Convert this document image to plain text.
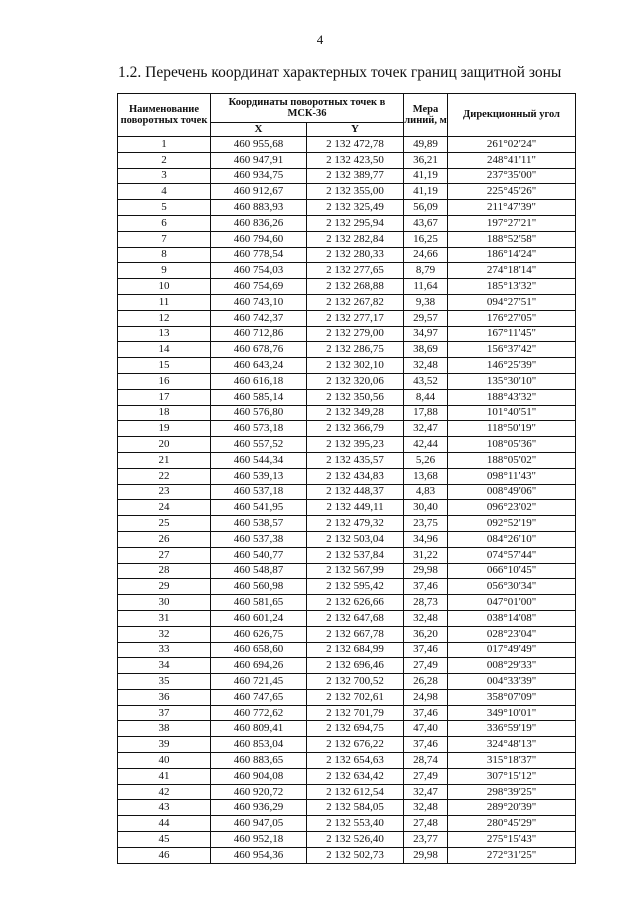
4
1.2. Перечень координат характерных точек границ защитной зоны
Наименование поворотных точек	Координаты поворотных точек в МСК-36		Мера линий, м	Дирекционный угол
	X	Y		
1	460 955,68	2 132 472,78	49,89	261°02'24"
2	460 947,91	2 132 423,50	36,21	248°41'11"
3	460 934,75	2 132 389,77	41,19	237°35'00"
4	460 912,67	2 132 355,00	41,19	225°45'26"
5	460 883,93	2 132 325,49	56,09	211°47'39"
6	460 836,26	2 132 295,94	43,67	197°27'21"
7	460 794,60	2 132 282,84	16,25	188°52'58"
8	460 778,54	2 132 280,33	24,66	186°14'24"
9	460 754,03	2 132 277,65	8,79	274°18'14"
10	460 754,69	2 132 268,88	11,64	185°13'32"
11	460 743,10	2 132 267,82	9,38	094°27'51"
12	460 742,37	2 132 277,17	29,57	176°27'05"
13	460 712,86	2 132 279,00	34,97	167°11'45"
14	460 678,76	2 132 286,75	38,69	156°37'42"
15	460 643,24	2 132 302,10	32,48	146°25'39"
16	460 616,18	2 132 320,06	43,52	135°30'10"
17	460 585,14	2 132 350,56	8,44	188°43'32"
18	460 576,80	2 132 349,28	17,88	101°40'51"
19	460 573,18	2 132 366,79	32,47	118°50'19"
20	460 557,52	2 132 395,23	42,44	108°05'36"
21	460 544,34	2 132 435,57	5,26	188°05'02"
22	460 539,13	2 132 434,83	13,68	098°11'43"
23	460 537,18	2 132 448,37	4,83	008°49'06"
24	460 541,95	2 132 449,11	30,40	096°23'02"
25	460 538,57	2 132 479,32	23,75	092°52'19"
26	460 537,38	2 132 503,04	34,96	084°26'10"
27	460 540,77	2 132 537,84	31,22	074°57'44"
28	460 548,87	2 132 567,99	29,98	066°10'45"
29	460 560,98	2 132 595,42	37,46	056°30'34"
30	460 581,65	2 132 626,66	28,73	047°01'00"
31	460 601,24	2 132 647,68	32,48	038°14'08"
32	460 626,75	2 132 667,78	36,20	028°23'04"
33	460 658,60	2 132 684,99	37,46	017°49'49"
34	460 694,26	2 132 696,46	27,49	008°29'33"
35	460 721,45	2 132 700,52	26,28	004°33'39"
36	460 747,65	2 132 702,61	24,98	358°07'09"
37	460 772,62	2 132 701,79	37,46	349°10'01"
38	460 809,41	2 132 694,75	47,40	336°59'19"
39	460 853,04	2 132 676,22	37,46	324°48'13"
40	460 883,65	2 132 654,63	28,74	315°18'37"
41	460 904,08	2 132 634,42	27,49	307°15'12"
42	460 920,72	2 132 612,54	32,47	298°39'25"
43	460 936,29	2 132 584,05	32,48	289°20'39"
44	460 947,05	2 132 553,40	27,48	280°45'29"
45	460 952,18	2 132 526,40	23,77	275°15'43"
46	460 954,36	2 132 502,73	29,98	272°31'25"
